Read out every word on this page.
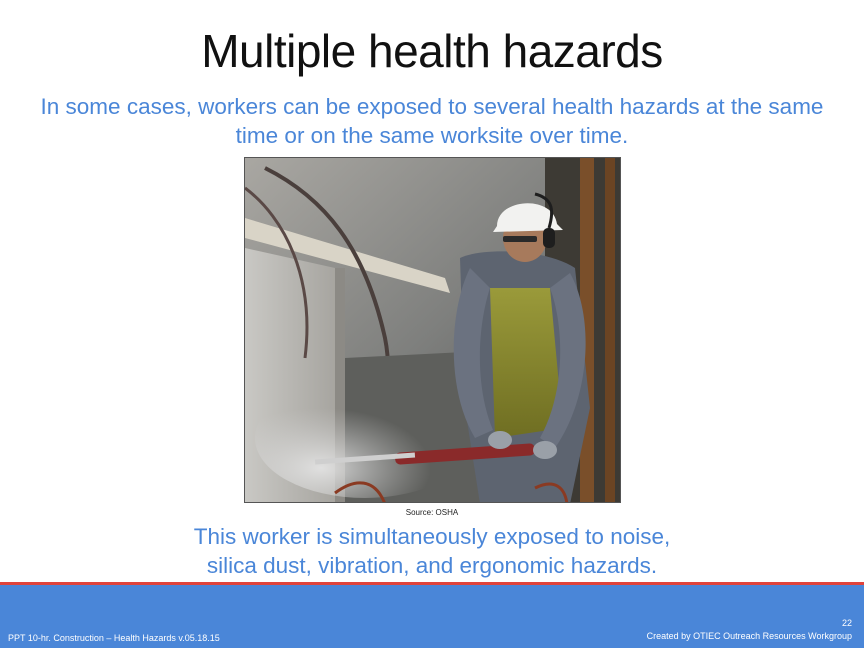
Multiple health hazards
In some cases, workers can be exposed to several health hazards at the same time or on the same worksite over time.
Source: OSHA
This worker is simultaneously exposed to noise,
silica dust, vibration, and ergonomic hazards.
PPT 10-hr. Construction – Health Hazards v.05.18.15
22
Created by OTIEC Outreach Resources Workgroup
